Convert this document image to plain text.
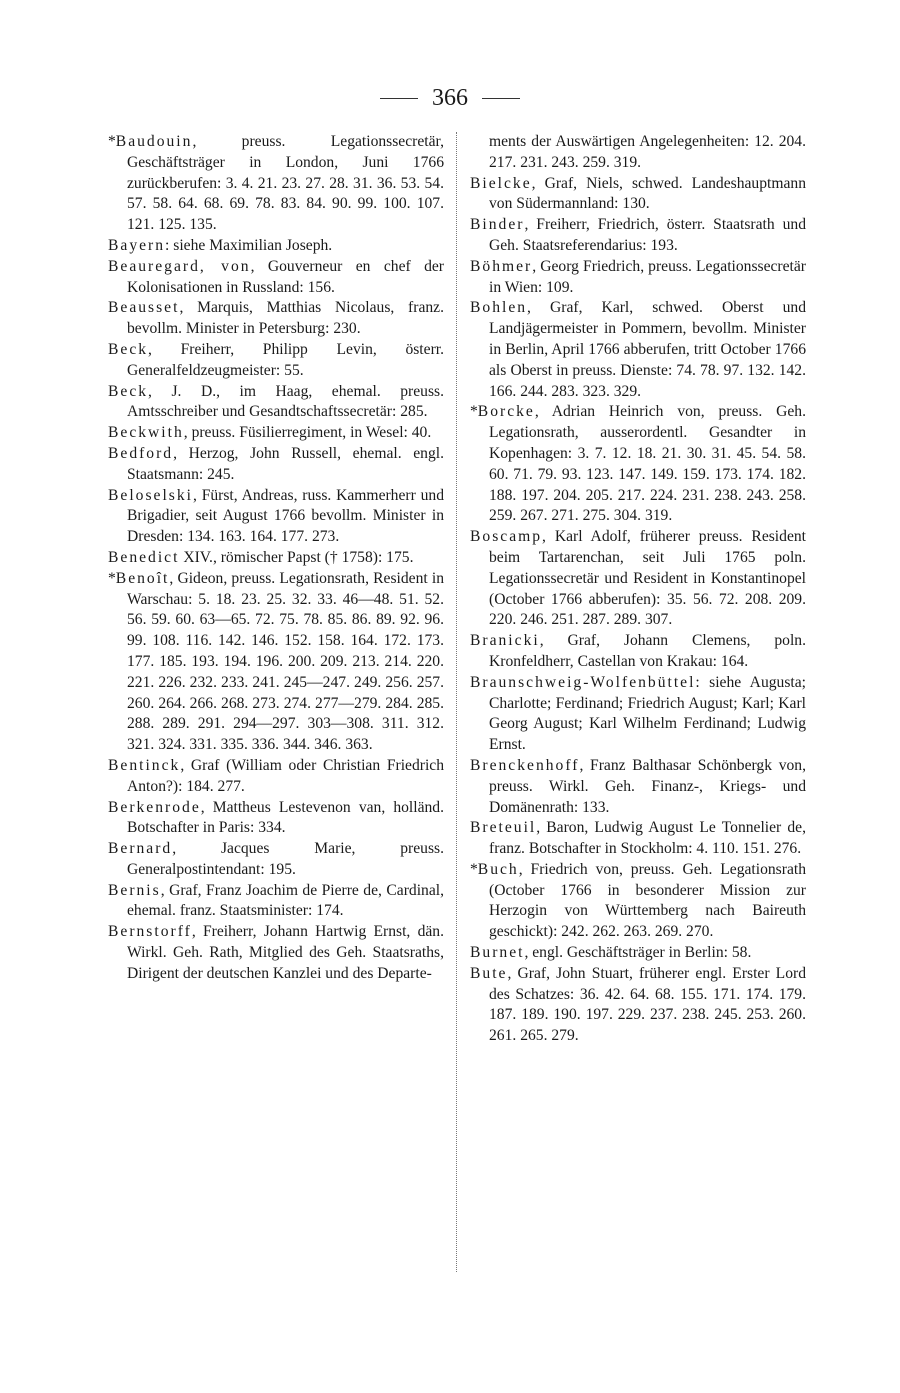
366

*Baudouin, preuss. Legationssecretär, Geschäftsträger in London, Juni 1766 zurückberufen: 3. 4. 21. 23. 27. 28. 31. 36. 53. 54. 57. 58. 64. 68. 69. 78. 83. 84. 90. 99. 100. 107. 121. 125. 135.

Bayern: siehe Maximilian Joseph.

Beauregard, von, Gouverneur en chef der Kolonisationen in Russland: 156.

Beausset, Marquis, Matthias Nicolaus, franz. bevollm. Minister in Petersburg: 230.

Beck, Freiherr, Philipp Levin, österr. Generalfeldzeugmeister: 55.

Beck, J. D., im Haag, ehemal. preuss. Amtsschreiber und Gesandtschaftssecretär: 285.

Beckwith, preuss. Füsilierregiment, in Wesel: 40.

Bedford, Herzog, John Russell, ehemal. engl. Staatsmann: 245.

Beloselski, Fürst, Andreas, russ. Kammerherr und Brigadier, seit August 1766 bevollm. Minister in Dresden: 134. 163. 164. 177. 273.

Benedict XIV., römischer Papst († 1758): 175.

*Benoît, Gideon, preuss. Legationsrath, Resident in Warschau: 5. 18. 23. 25. 32. 33. 46—48. 51. 52. 56. 59. 60. 63—65. 72. 75. 78. 85. 86. 89. 92. 96. 99. 108. 116. 142. 146. 152. 158. 164. 172. 173. 177. 185. 193. 194. 196. 200. 209. 213. 214. 220. 221. 226. 232. 233. 241. 245—247. 249. 256. 257. 260. 264. 266. 268. 273. 274. 277—279. 284. 285. 288. 289. 291. 294—297. 303—308. 311. 312. 321. 324. 331. 335. 336. 344. 346. 363.

Bentinck, Graf (William oder Christian Friedrich Anton?): 184. 277.

Berkenrode, Mattheus Lestevenon van, holländ. Botschafter in Paris: 334.

Bernard, Jacques Marie, preuss. Generalpostintendant: 195.

Bernis, Graf, Franz Joachim de Pierre de, Cardinal, ehemal. franz. Staatsminister: 174.

Bernstorff, Freiherr, Johann Hartwig Ernst, dän. Wirkl. Geh. Rath, Mitglied des Geh. Staatsraths, Dirigent der deutschen Kanzlei und des Departe-

ments der Auswärtigen Angelegenheiten: 12. 204. 217. 231. 243. 259. 319.

Bielcke, Graf, Niels, schwed. Landeshauptmann von Südermannland: 130.

Binder, Freiherr, Friedrich, österr. Staatsrath und Geh. Staatsreferendarius: 193.

Böhmer, Georg Friedrich, preuss. Legationssecretär in Wien: 109.

Bohlen, Graf, Karl, schwed. Oberst und Landjägermeister in Pommern, bevollm. Minister in Berlin, April 1766 abberufen, tritt October 1766 als Oberst in preuss. Dienste: 74. 78. 97. 132. 142. 166. 244. 283. 323. 329.

*Borcke, Adrian Heinrich von, preuss. Geh. Legationsrath, ausserordentl. Gesandter in Kopenhagen: 3. 7. 12. 18. 21. 30. 31. 45. 54. 58. 60. 71. 79. 93. 123. 147. 149. 159. 173. 174. 182. 188. 197. 204. 205. 217. 224. 231. 238. 243. 258. 259. 267. 271. 275. 304. 319.

Boscamp, Karl Adolf, früherer preuss. Resident beim Tartarenchan, seit Juli 1765 poln. Legationssecretär und Resident in Konstantinopel (October 1766 abberufen): 35. 56. 72. 208. 209. 220. 246. 251. 287. 289. 307.

Branicki, Graf, Johann Clemens, poln. Kronfeldherr, Castellan von Krakau: 164.

Braunschweig-Wolfenbüttel: siehe Augusta; Charlotte; Ferdinand; Friedrich August; Karl; Karl Georg August; Karl Wilhelm Ferdinand; Ludwig Ernst.

Brenckenhoff, Franz Balthasar Schönbergk von, preuss. Wirkl. Geh. Finanz-, Kriegs- und Domänenrath: 133.

Breteuil, Baron, Ludwig August Le Tonnelier de, franz. Botschafter in Stockholm: 4. 110. 151. 276.

*Buch, Friedrich von, preuss. Geh. Legationsrath (October 1766 in besonderer Mission zur Herzogin von Württemberg nach Baireuth geschickt): 242. 262. 263. 269. 270.

Burnet, engl. Geschäftsträger in Berlin: 58.

Bute, Graf, John Stuart, früherer engl. Erster Lord des Schatzes: 36. 42. 64. 68. 155. 171. 174. 179. 187. 189. 190. 197. 229. 237. 238. 245. 253. 260. 261. 265. 279.
